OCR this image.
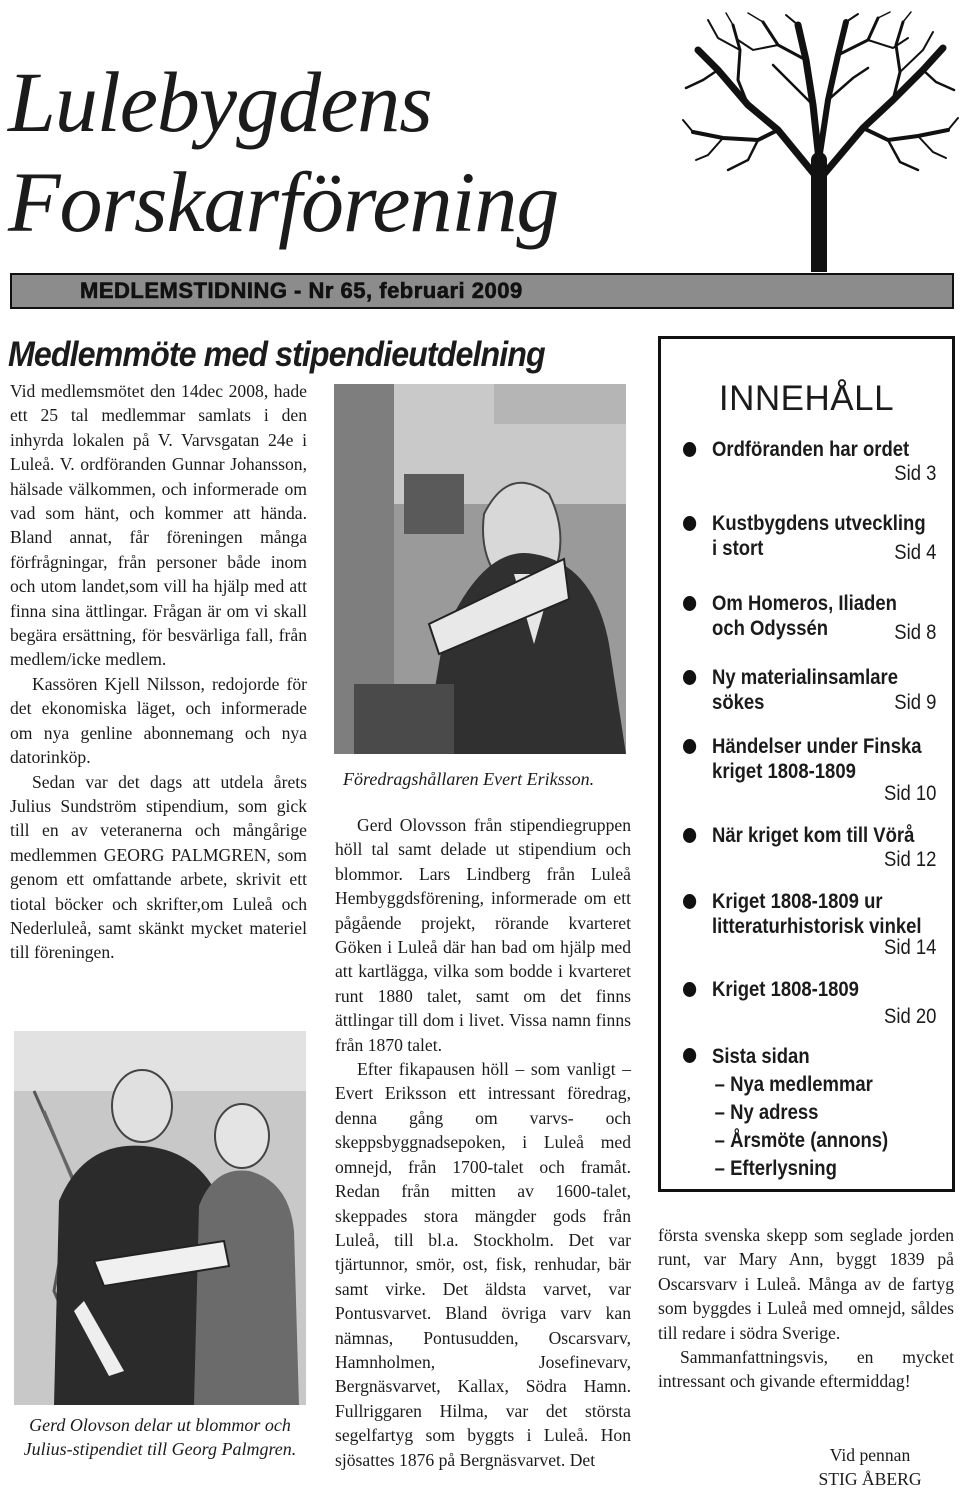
Lulebygdens
Forskarförening
MEDLEMSTIDNING - Nr 65, februari 2009
Medlemmöte med stipendieutdelning

Vid medlemsmötet den 14dec 2008, hade ett 25 tal medlemmar samlats i den inhyrda lokalen på V. Varvsgatan 24e i Luleå. V. ordföranden Gunnar Johansson, hälsade välkommen, och informerade om vad som hänt, och kommer att hända. Bland annat, får föreningen många förfrågningar, från personer både inom och utom landet,som vill ha hjälp med att finna sina ättlingar. Frågan är om vi skall begära ersättning, för besvärliga fall, från medlem/icke medlem.

Kassören Kjell Nilsson, redojorde för det ekonomiska läget, och informerade om nya genline abonnemang och nya datorinköp.

Sedan var det dags att utdela årets Julius Sundström stipendium, som gick till en av veteranerna och mångårige medlemmen GEORG PALMGREN, som genom ett omfattande arbete, skrivit ett tiotal böcker och skrifter,om Luleå och Nederluleå, samt skänkt mycket materiel till föreningen.

Föredragshållaren Evert Eriksson.

Gerd Olovsson från stipendiegruppen höll tal samt delade ut stipendium och blommor. Lars Lindberg från Luleå Hembyggdsförening, informerade om ett pågående projekt, rörande kvarteret Göken i Luleå där han bad om hjälp med att kartlägga, vilka som bodde i kvarteret runt 1880 talet, samt om det finns ättlingar till dom i livet. Vissa namn finns från 1870 talet.

Efter fikapausen höll – som vanligt – Evert Eriksson ett intressant föredrag, denna gång om varvs- och skeppsbyggnadsepoken, i Luleå med omnejd, från 1700-talet och framåt. Redan från mitten av 1600-talet, skeppades stora mängder gods från Luleå, till bl.a. Stockholm. Det var tjärtunnor, smör, ost, fisk, renhudar, bär samt virke. Det äldsta varvet, var Pontusvarvet. Bland övriga varv kan nämnas, Pontusudden, Oscarsvarv, Hamnholmen, Josefinevarv, Bergnäsvarvet, Kallax, Södra Hamn. Fullriggaren Hilma, var det största segelfartyg som byggts i Luleå. Hon sjösattes 1876 på Bergnäsvarvet. Det

Gerd Olovson delar ut blommor och Julius-stipendiet till Georg Palmgren.
INNEHÅLL
Ordföranden har ordet
Sid 3
Kustbygdens utveckling
i stort	Sid 4
Om Homeros, Iliaden
och Odyssén	Sid 8
Ny materialinsamlare
sökes	Sid 9
Händelser under Finska
kriget 1808-1809
Sid 10
När kriget kom till Vörå
Sid 12
Kriget 1808-1809 ur
litteraturhistorisk vinkel
Sid 14
Kriget 1808-1809
Sid 20
Sista sidan
– Nya medlemmar
– Ny adress
– Årsmöte (annons)
– Efterlysning

första svenska skepp som seglade jorden runt, var Mary Ann, byggt 1839 på Oscarsvarv i Luleå. Många av de fartyg som byggdes i Luleå med omnejd, såldes till redare i södra Sverige.

Sammanfattningsvis, en mycket intressant och givande eftermiddag!

Vid pennan
STIG ÅBERG
